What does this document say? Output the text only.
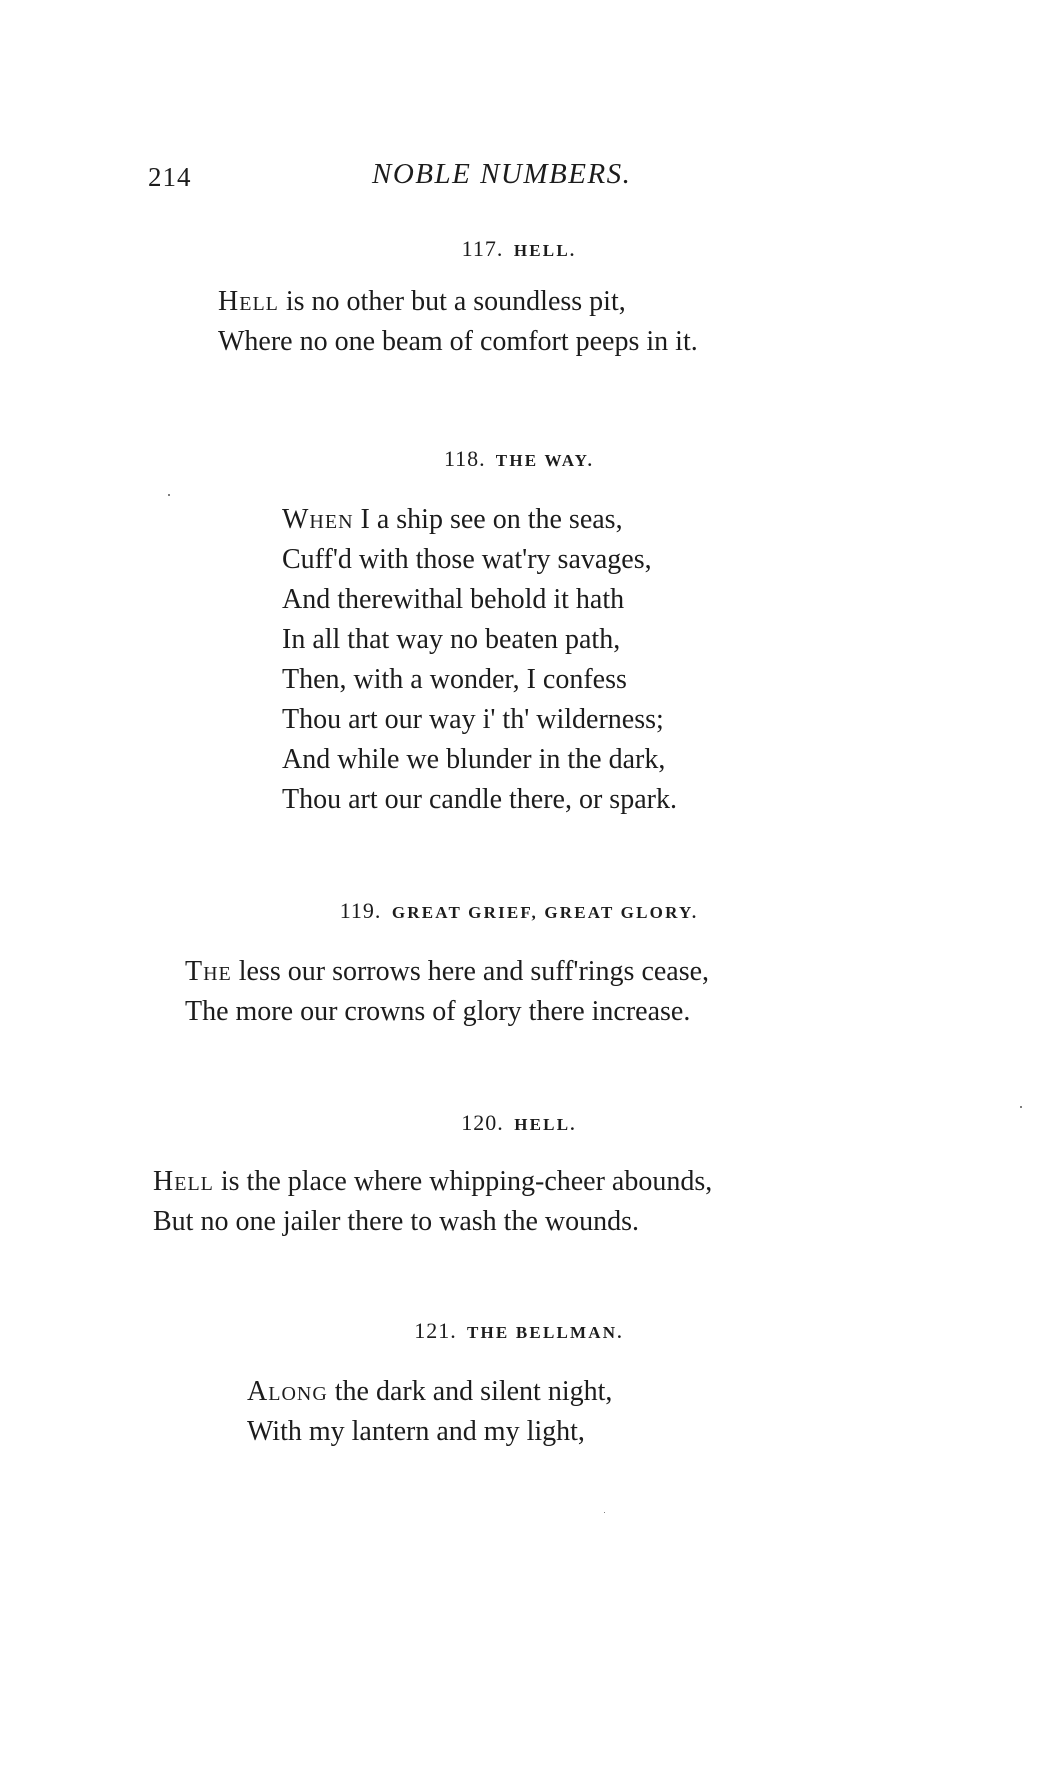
214	NOBLE NUMBERS.
117. HELL.
Hell is no other but a soundless pit,
Where no one beam of comfort peeps in it.
118. THE WAY.
When I a ship see on the seas,
Cuff'd with those wat'ry savages,
And therewithal behold it hath
In all that way no beaten path,
Then, with a wonder, I confess
Thou art our way i' th' wilderness;
And while we blunder in the dark,
Thou art our candle there, or spark.
119. GREAT GRIEF, GREAT GLORY.
The less our sorrows here and suff'rings cease,
The more our crowns of glory there increase.
120. HELL.
Hell is the place where whipping-cheer abounds,
But no one jailer there to wash the wounds.
121. THE BELLMAN.
Along the dark and silent night,
With my lantern and my light,
